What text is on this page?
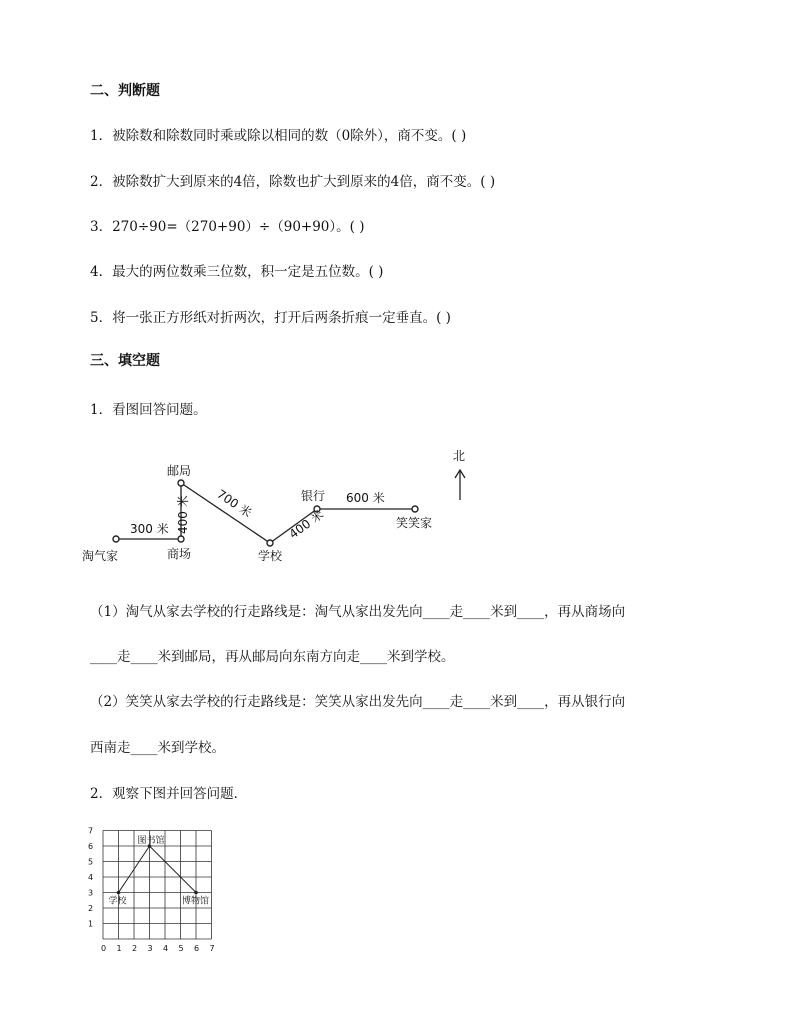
二、判断题
1．被除数和除数同时乘或除以相同的数（0除外），商不变。( )
2．被除数扩大到原来的4倍，除数也扩大到原来的4倍，商不变。( )
3．270÷90=（270+90）÷（90+90）。( )
4．最大的两位数乘三位数，积一定是五位数。( )
5．将一张正方形纸对折两次，打开后两条折痕一定垂直。( )
三、填空题
1．看图回答问题。
淘气家	商场
邮局
学校
银行
笑笑家
北
300 米 400 米 700 米
400 米
600 米
（1）淘气从家去学校的行走路线是：淘气从家出发先向____走____米到____，再从商场向
____走____米到邮局，再从邮局向东南方向走____米到学校。
（2）笑笑从家去学校的行走路线是：笑笑从家出发先向____走____米到____，再从银行向
西南走____米到学校。
2．观察下图并回答问题．
0 1 2 3 4 5 6 7
1
2
3
4
5
6
7
学校
图书馆
博物馆
